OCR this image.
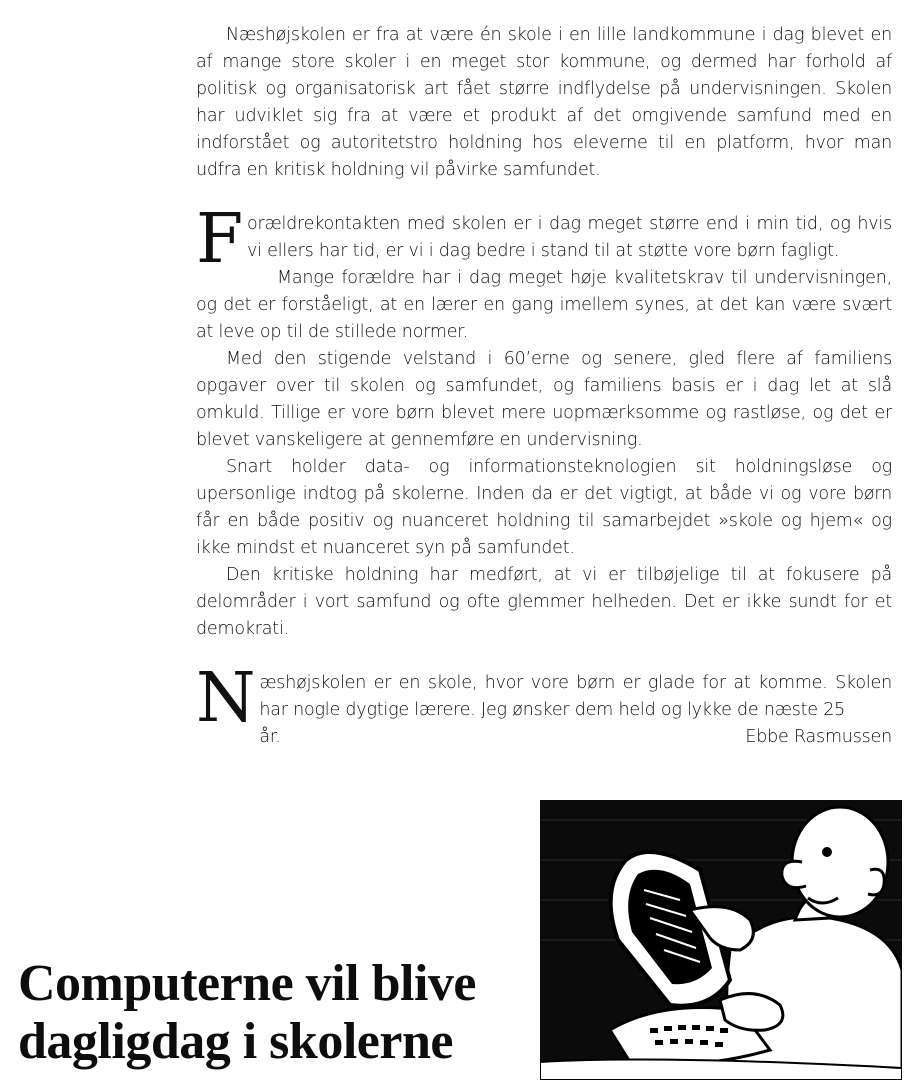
Næshøjskolen er fra at være én skole i en lille landkommune i dag blevet en af mange store skoler i en meget stor kommune, og dermed har forhold af politisk og organisatorisk art fået større indflydelse på undervisningen. Skolen har udviklet sig fra at være et produkt af det omgivende samfund med en indforstået og autoritetstro holdning hos eleverne til en platform, hvor man udfra en kritisk holdning vil påvirke samfundet.

Forældrekontakten med skolen er i dag meget større end i min tid, og hvis vi ellers har tid, er vi i dag bedre i stand til at støtte vore børn fagligt.

Mange forældre har i dag meget høje kvalitetskrav til undervisningen, og det er forståeligt, at en lærer en gang imellem synes, at det kan være svært at leve op til de stillede normer.

Med den stigende velstand i 60’erne og senere, gled flere af familiens opgaver over til skolen og samfundet, og familiens basis er i dag let at slå omkuld. Tillige er vore børn blevet mere uopmærksomme og rastløse, og det er blevet vanskeligere at gennemføre en undervisning.

Snart holder data- og informationsteknologien sit holdningsløse og upersonlige indtog på skolerne. Inden da er det vigtigt, at både vi og vore børn får en både positiv og nuanceret holdning til samarbejdet »skole og hjem« og ikke mindst et nuanceret syn på samfundet.

Den kritiske holdning har medført, at vi er tilbøjelige til at fokusere på delområder i vort samfund og ofte glemmer helheden. Det er ikke sundt for et demokrati.

Næshøjskolen er en skole, hvor vore børn er glade for at komme. Skolen har nogle dygtige lærere. Jeg ønsker dem held og lykke de næste 25

år.	Ebbe Rasmussen
Computerne vil blive
dagligdag i skolerne
